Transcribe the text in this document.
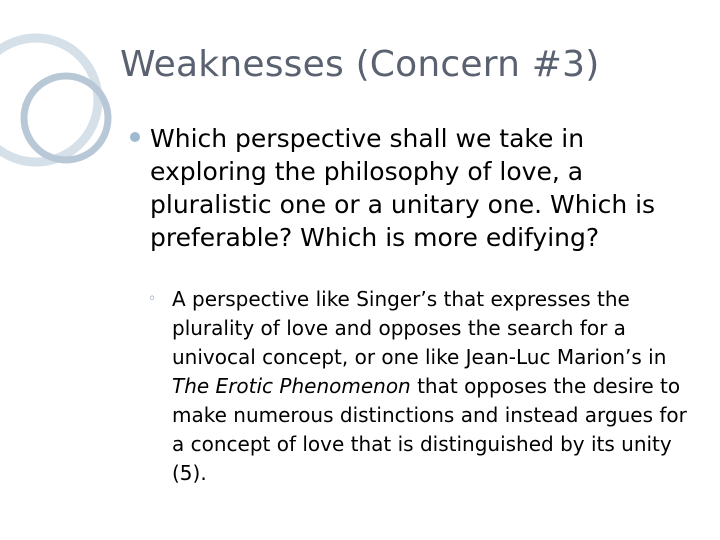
Weaknesses (Concern #3)

Which perspective shall we take in exploring the philosophy of love, a pluralistic one or a unitary one. Which is preferable? Which is more edifying?

◦ A perspective like Singer’s that expresses the plurality of love and opposes the search for a univocal concept, or one like Jean-Luc Marion’s in The Erotic Phenomenon that opposes the desire to make numerous distinctions and instead argues for a concept of love that is distinguished by its unity (5).
